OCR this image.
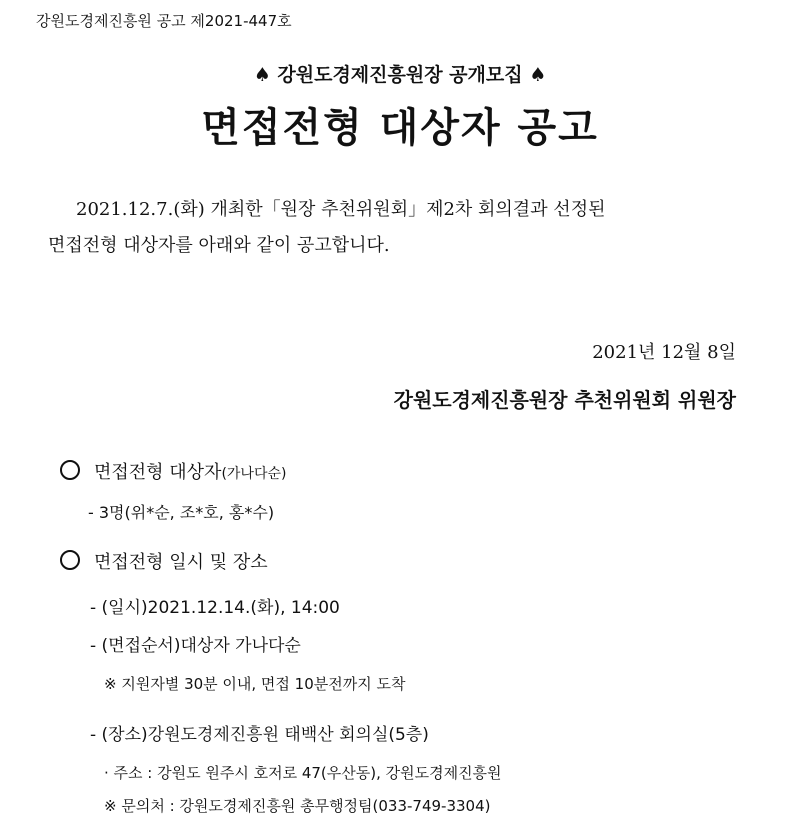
강원도경제진흥원 공고 제2021-447호
♠ 강원도경제진흥원장 공개모집 ♠
면접전형 대상자 공고
2021.12.7.(화) 개최한「원장 추천위원회」제2차 회의결과 선정된
면접전형 대상자를 아래와 같이 공고합니다.
2021년 12월 8일
강원도경제진흥원장 추천위원회 위원장
면접전형 대상자(가나다순)
- 3명(위*순, 조*호, 홍*수)
면접전형 일시 및 장소
- (일시)2021.12.14.(화), 14:00
- (면접순서)대상자 가나다순
※ 지원자별 30분 이내, 면접 10분전까지 도착
- (장소)강원도경제진흥원 태백산 회의실(5층)
· 주소 : 강원도 원주시 호저로 47(우산동), 강원도경제진흥원
※ 문의처 : 강원도경제진흥원 총무행정팀(033-749-3304)
